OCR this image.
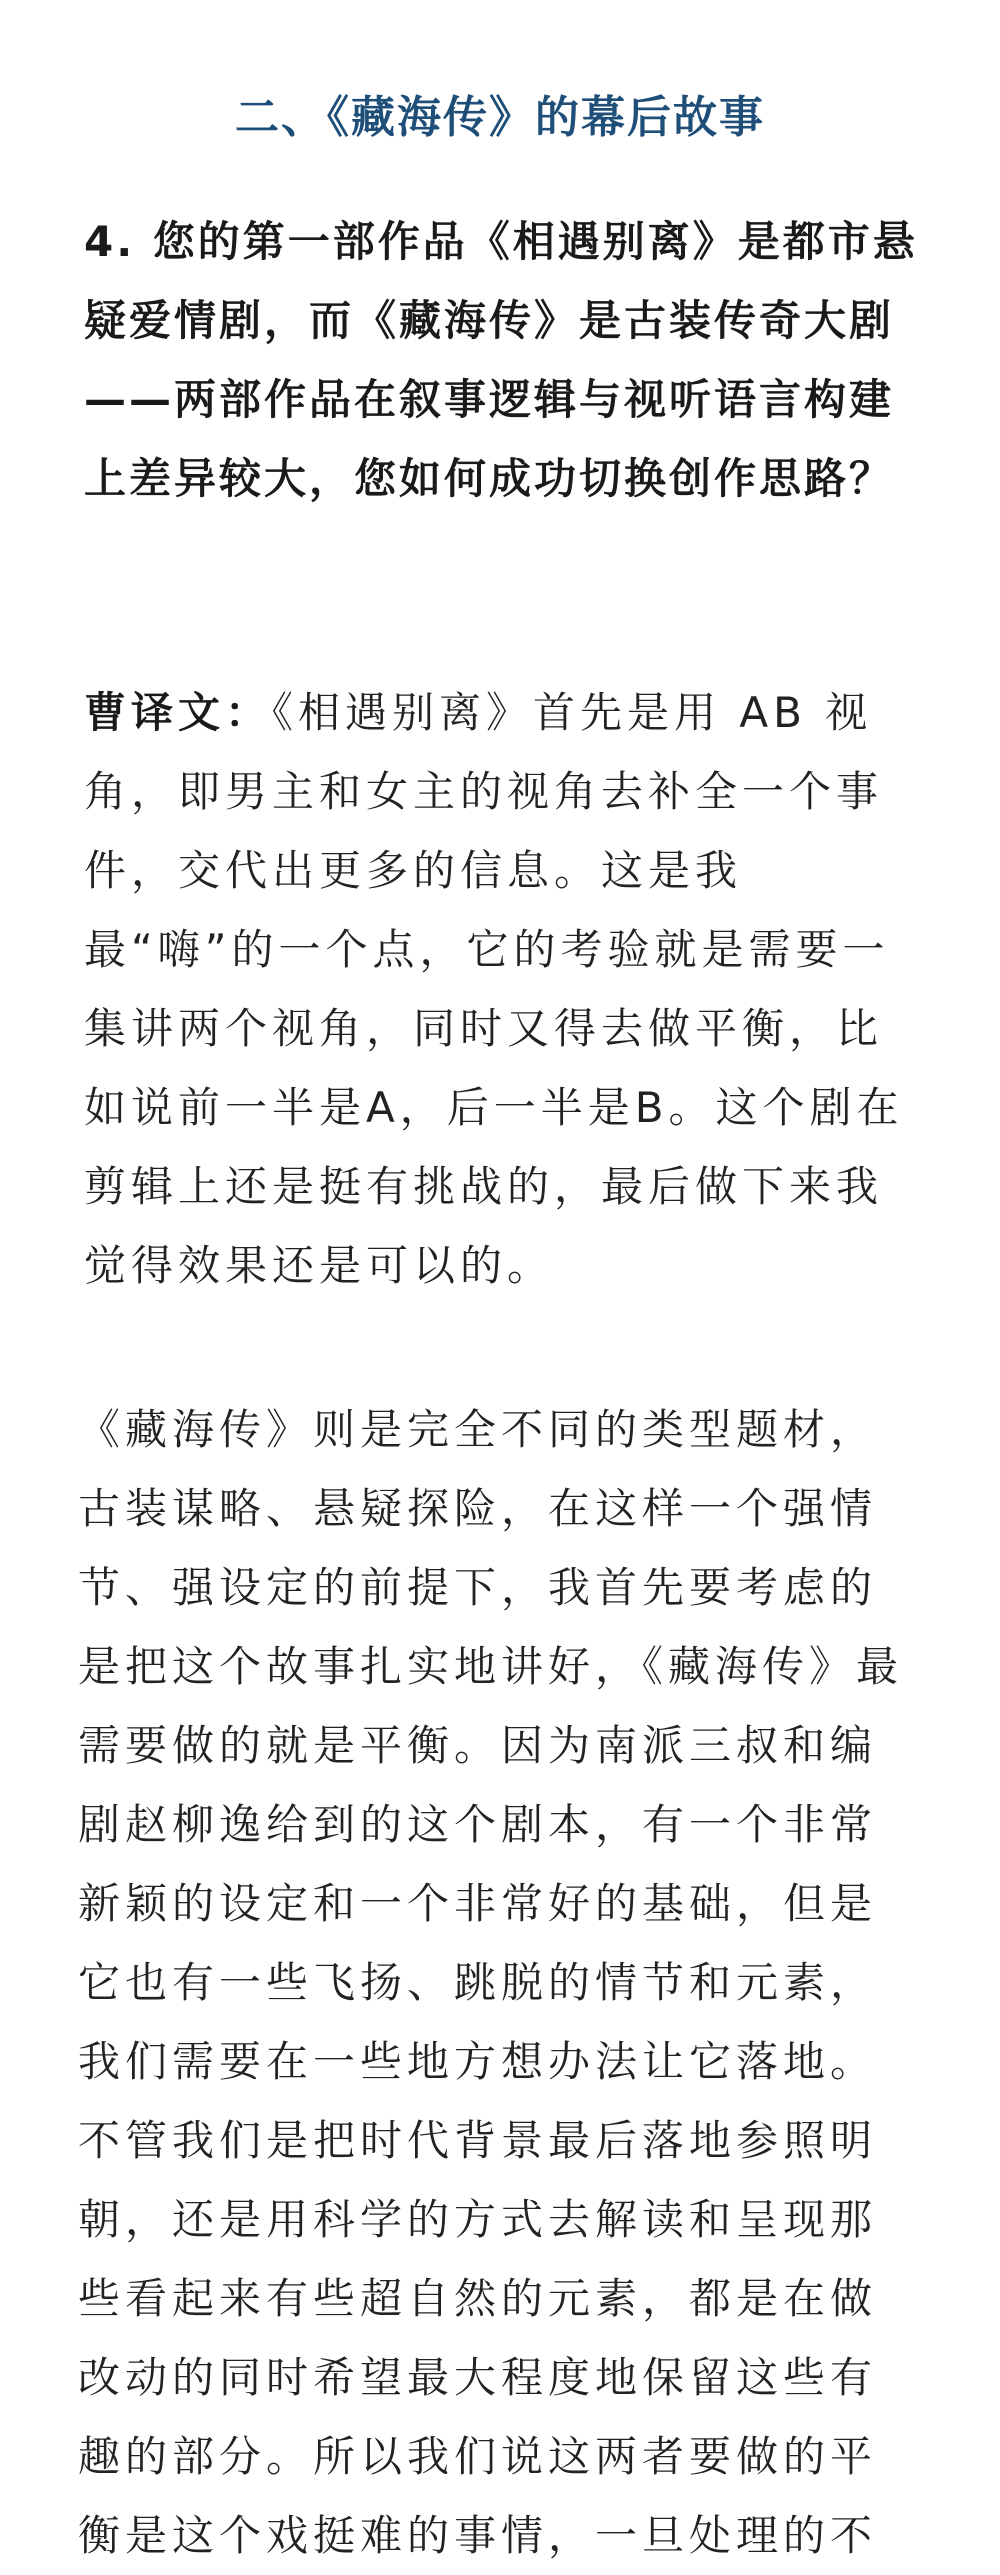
二、《藏海传》的幕后故事

4. 您的第一部作品《相遇别离》是都市悬疑爱情剧，而《藏海传》是古装传奇大剧——两部作品在叙事逻辑与视听语言构建上差异较大，您如何成功切换创作思路？

曹译文：《相遇别离》首先是用 AB 视角，即男主和女主的视角去补全一个事件，交代出更多的信息。这是我最“嗨”的一个点，它的考验就是需要一集讲两个视角，同时又得去做平衡，比如说前一半是A，后一半是B。这个剧在剪辑上还是挺有挑战的，最后做下来我觉得效果还是可以的。

《藏海传》则是完全不同的类型题材，古装谋略、悬疑探险，在这样一个强情节、强设定的前提下，我首先要考虑的是把这个故事扎实地讲好，《藏海传》最需要做的就是平衡。因为南派三叔和编剧赵柳逸给到的这个剧本，有一个非常新颖的设定和一个非常好的基础，但是它也有一些飞扬、跳脱的情节和元素，我们需要在一些地方想办法让它落地。不管我们是把时代背景最后落地参照明朝，还是用科学的方式去解读和呈现那些看起来有些超自然的元素，都是在做改动的同时希望最大程度地保留这些有趣的部分。所以我们说这两者要做的平衡是这个戏挺难的事情，一旦处理的不
